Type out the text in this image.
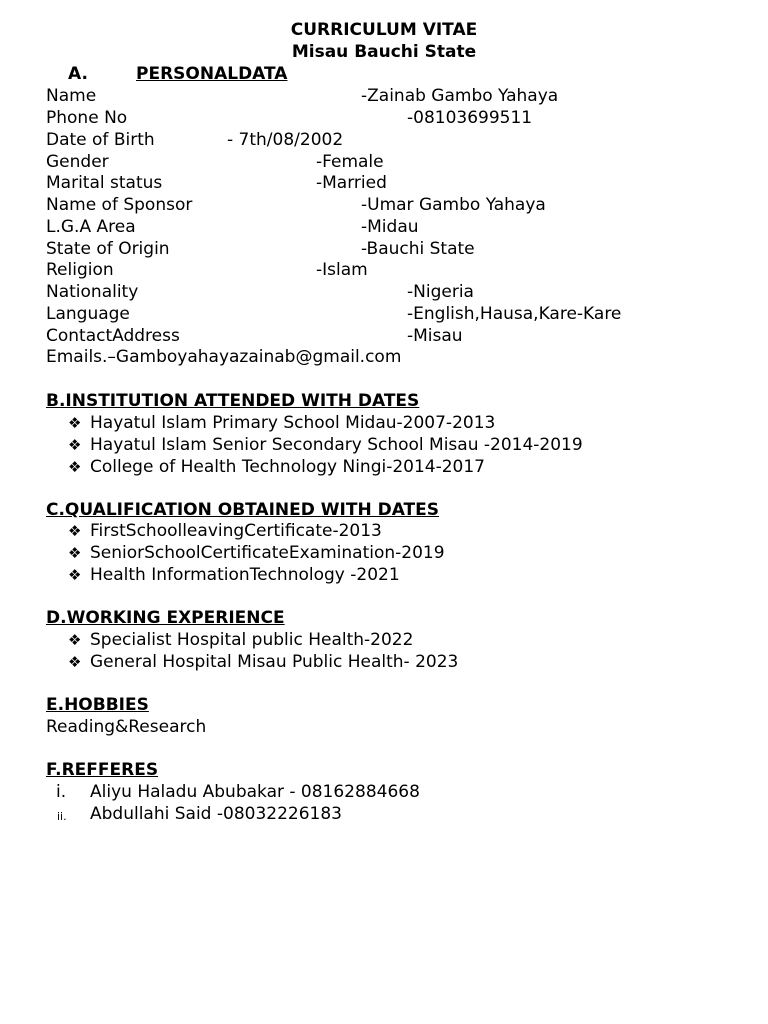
CURRICULUM VITAE
Misau Bauchi State
A.	PERSONALDATA
Name	-Zainab Gambo Yahaya
Phone No	-08103699511
Date of Birth	- 7th/08/2002
Gender	-Female
Marital status	-Married
Name of Sponsor	-Umar Gambo Yahaya
L.G.A Area	-Midau
State of Origin	-Bauchi State
Religion	-Islam
Nationality	-Nigeria
Language	-English,Hausa,Kare-Kare
ContactAddress	-Misau
Emails.–Gamboyahayazainab@gmail.com
B.INSTITUTION ATTENDED WITH DATES
❖ Hayatul Islam Primary School Midau-2007-2013
❖ Hayatul Islam Senior Secondary School Misau -2014-2019
❖ College of Health Technology Ningi-2014-2017
C.QUALIFICATION OBTAINED WITH DATES
❖ FirstSchoolleavingCertificate-2013
❖ SeniorSchoolCertificateExamination-2019
❖ Health InformationTechnology -2021
D.WORKING EXPERIENCE
❖ Specialist Hospital public Health-2022
❖ General Hospital Misau Public Health- 2023
E.HOBBIES
Reading&Research
F.REFFERES
i. Aliyu Haladu Abubakar - 08162884668
ii. Abdullahi Said -08032226183
